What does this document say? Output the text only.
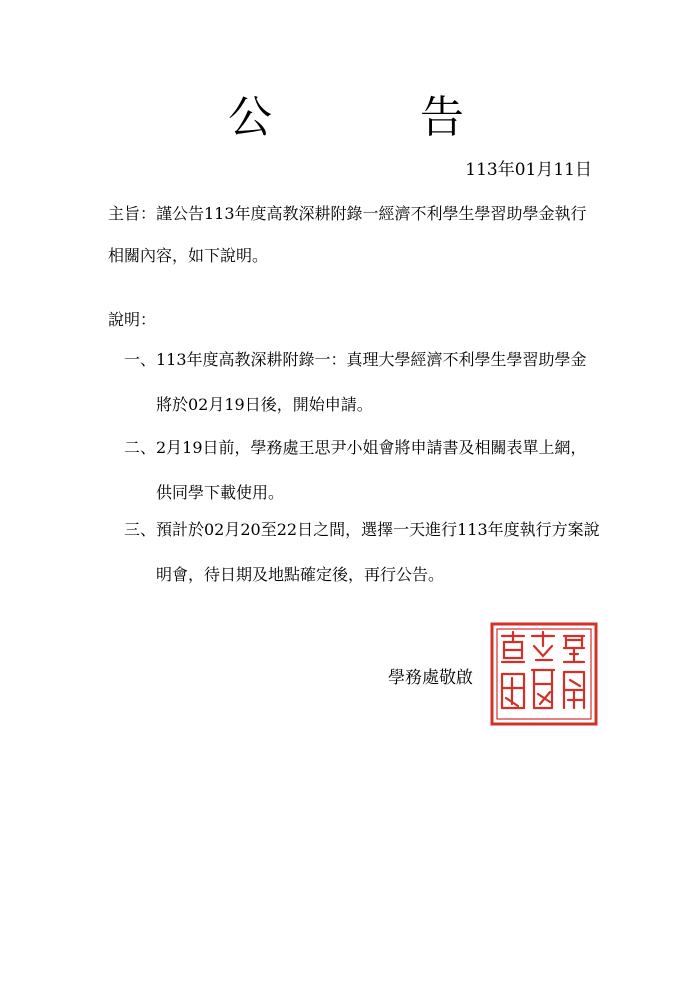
公	告
113年01月11日
主旨：謹公告113年度高教深耕附錄一經濟不利學生學習助學金執行
相關內容，如下說明。
說明：
一、113年度高教深耕附錄一：真理大學經濟不利學生學習助學金
將於02月19日後，開始申請。
二、2月19日前，學務處王思尹小姐會將申請書及相關表單上網，
供同學下載使用。
三、預計於02月20至22日之間，選擇一天進行113年度執行方案說
明會，待日期及地點確定後，再行公告。
學務處敬啟
